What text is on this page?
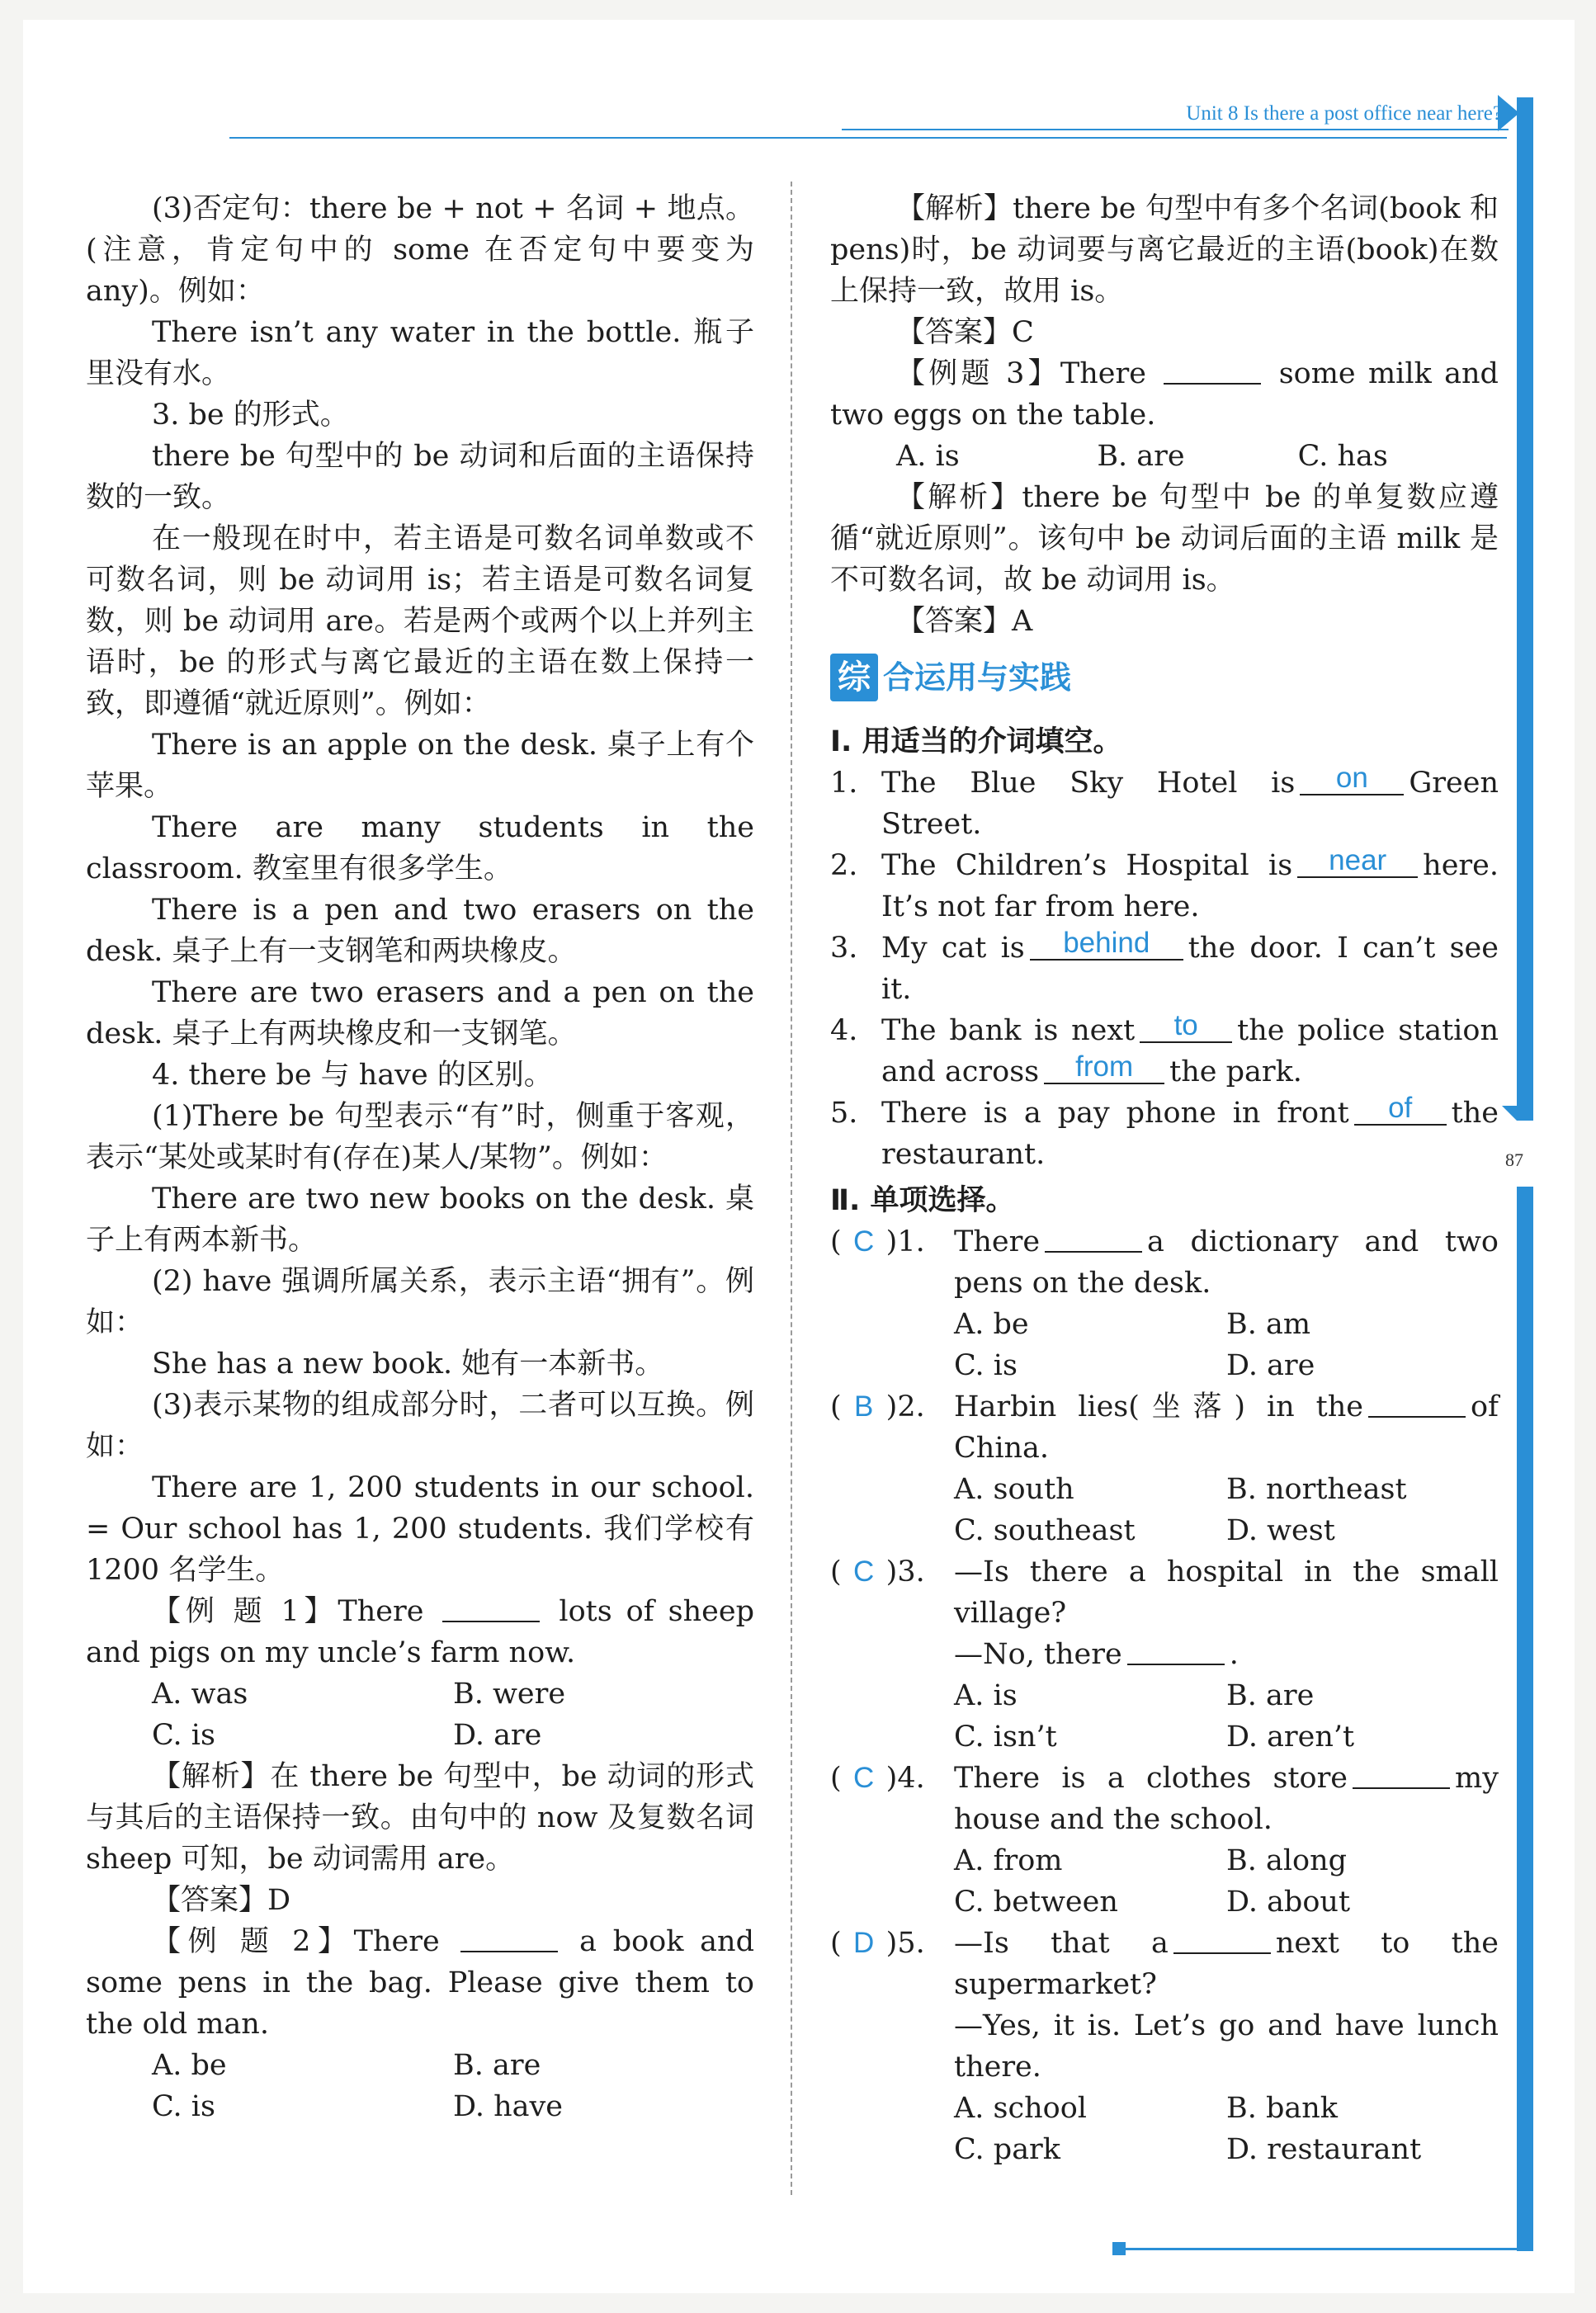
Unit 8 Is there a post office near here?
87

(3)否定句：there be + not + 名词 + 地点。(注意，肯定句中的 some 在否定句中要变为 any)。例如：

There isn’t any water in the bottle. 瓶子里没有水。

3. be 的形式。

there be 句型中的 be 动词和后面的主语保持数的一致。

在一般现在时中，若主语是可数名词单数或不可数名词，则 be 动词用 is；若主语是可数名词复数，则 be 动词用 are。若是两个或两个以上并列主语时，be 的形式与离它最近的主语在数上保持一致，即遵循“就近原则”。例如：

There is an apple on the desk. 桌子上有个苹果。

There are many students in the classroom. 教室里有很多学生。

There is a pen and two erasers on the desk. 桌子上有一支钢笔和两块橡皮。

There are two erasers and a pen on the desk. 桌子上有两块橡皮和一支钢笔。

4. there be 与 have 的区别。

(1)There be 句型表示“有”时，侧重于客观，表示“某处或某时有(存在)某人/某物”。例如：

There are two new books on the desk. 桌子上有两本新书。

(2) have 强调所属关系，表示主语“拥有”。例如：

She has a new book. 她有一本新书。

(3)表示某物的组成部分时，二者可以互换。例如：

There are 1, 200 students in our school. = Our school has 1, 200 students. 我们学校有 1200 名学生。

【例 题 1】There	lots of sheep and pigs on my uncle’s farm now.

A. was	B. were
C. is	D. are

【解析】在 there be 句型中，be 动词的形式与其后的主语保持一致。由句中的 now 及复数名词 sheep 可知，be 动词需用 are。

【答案】D

【例 题 2】There	a book and some pens in the bag. Please give them to the old man.

A. be	B. are
C. is	D. have

【解析】there be 句型中有多个名词(book 和 pens)时，be 动词要与离它最近的主语(book)在数上保持一致，故用 is。

【答案】C

【例题 3】There	some milk and two eggs on the table.

A. is	B. are	C. has

【解析】there be 句型中 be 的单复数应遵循“就近原则”。该句中 be 动词后面的主语 milk 是不可数名词，故 be 动词用 is。

【答案】A

综 合运用与实践

Ⅰ. 用适当的介词填空。

1. The Blue Sky Hotel is on Green Street.
2. The Children’s Hospital is near here. It’s not far from here.
3. My cat is behind the door. I can’t see it.
4. The bank is next to the police station and across from the park.
5. There is a pay phone in front of the restaurant.

Ⅱ. 单项选择。

( C )1.	There	a dictionary and two pens on the desk.
A. be	B. am
C. is	D. are
( B )2.	Harbin lies(坐落) in the	of China.
A. south	B. northeast
C. southeast	D. west
( C )3.	—Is there a hospital in the small village?
—No, there	.
A. is	B. are
C. isn’t	D. aren’t
( C )4.	There is a clothes store	my house and the school.
A. from	B. along
C. between	D. about
( D )5.	—Is that a	next to the supermarket?
—Yes, it is. Let’s go and have lunch there.
A. school	B. bank
C. park	D. restaurant
